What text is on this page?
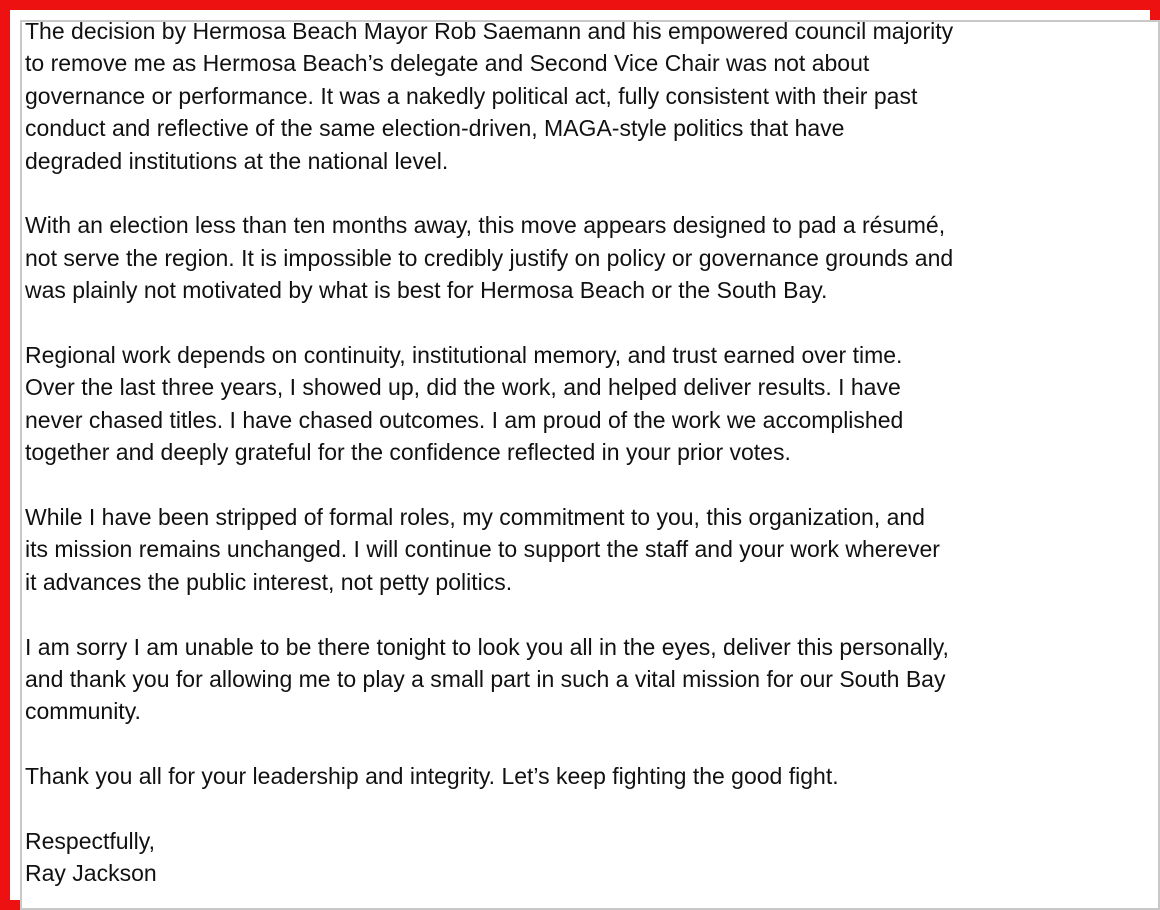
The decision by Hermosa Beach Mayor Rob Saemann and his empowered council majority
to remove me as Hermosa Beach’s delegate and Second Vice Chair was not about
governance or performance. It was a nakedly political act, fully consistent with their past
conduct and reflective of the same election-driven, MAGA-style politics that have
degraded institutions at the national level.

With an election less than ten months away, this move appears designed to pad a résumé,
not serve the region. It is impossible to credibly justify on policy or governance grounds and
was plainly not motivated by what is best for Hermosa Beach or the South Bay.

Regional work depends on continuity, institutional memory, and trust earned over time.
Over the last three years, I showed up, did the work, and helped deliver results. I have
never chased titles. I have chased outcomes. I am proud of the work we accomplished
together and deeply grateful for the confidence reflected in your prior votes.

While I have been stripped of formal roles, my commitment to you, this organization, and
its mission remains unchanged. I will continue to support the staff and your work wherever
it advances the public interest, not petty politics.

I am sorry I am unable to be there tonight to look you all in the eyes, deliver this personally,
and thank you for allowing me to play a small part in such a vital mission for our South Bay
community.

Thank you all for your leadership and integrity. Let’s keep fighting the good fight.

Respectfully,

Ray Jackson
